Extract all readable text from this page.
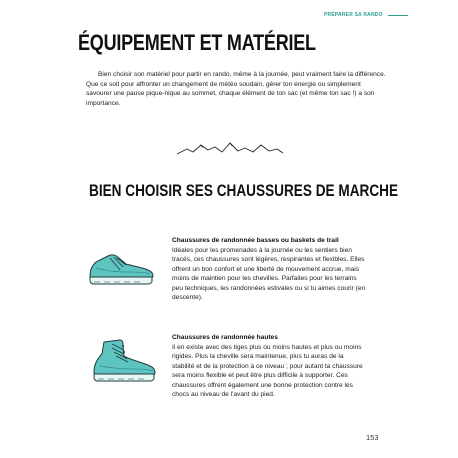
PRÉPARER SA RANDO
ÉQUIPEMENT ET MATÉRIEL
Bien choisir son matériel pour partir en rando, même à la journée, peut vraiment faire la différence. Que ce soit pour affronter un changement de météo soudain, gérer ton énergie ou simplement savourer une pause pique-nique au sommet, chaque élément de ton sac (et même ton sac !) a son importance.
BIEN CHOISIR SES CHAUSSURES DE MARCHE
Chaussures de randonnée basses ou baskets de trail

Idéales pour les promenades à la journée ou les sentiers bien tracés, ces chaussures sont légères, respirantes et flexibles. Elles offrent un bon confort et une liberté de mouvement accrue, mais moins de maintien pour les chevilles. Parfaites pour les terrains peu techniques, les randonnées estivales ou si tu aimes courir (en descente).

Chaussures de randonnée hautes

Il en existe avec des tiges plus ou moins hautes et plus ou moins rigides. Plus la cheville sera maintenue, plus tu auras de la stabilité et de la protection à ce niveau ; pour autant ta chaussure sera moins flexible et peut être plus difficile à supporter. Ces chaussures offrent également une bonne protection contre les chocs au niveau de l'avant du pied.

153
